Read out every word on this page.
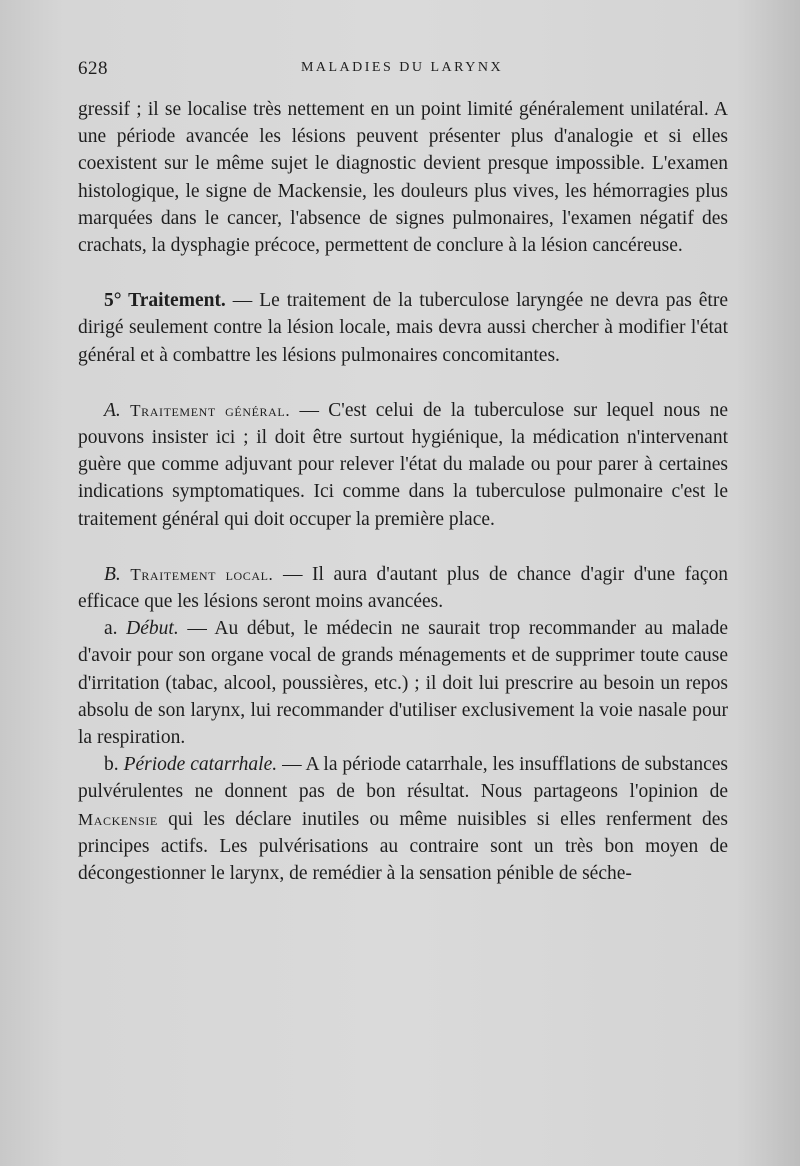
628	MALADIES DU LARYNX

gressif ; il se localise très nettement en un point limité généralement unilatéral. A une période avancée les lésions peuvent présenter plus d'analogie et si elles coexistent sur le même sujet le diagnostic devient presque impossible. L'examen histologique, le signe de Mackensie, les douleurs plus vives, les hémorragies plus marquées dans le cancer, l'absence de signes pulmonaires, l'examen négatif des crachats, la dysphagie précoce, permettent de conclure à la lésion cancéreuse.

5° Traitement. — Le traitement de la tuberculose laryngée ne devra pas être dirigé seulement contre la lésion locale, mais devra aussi chercher à modifier l'état général et à combattre les lésions pulmonaires concomitantes.

A. Traitement général. — C'est celui de la tuberculose sur lequel nous ne pouvons insister ici ; il doit être surtout hygiénique, la médication n'intervenant guère que comme adjuvant pour relever l'état du malade ou pour parer à certaines indications symptomatiques. Ici comme dans la tuberculose pulmonaire c'est le traitement général qui doit occuper la première place.

B. Traitement local. — Il aura d'autant plus de chance d'agir d'une façon efficace que les lésions seront moins avancées.

a. Début. — Au début, le médecin ne saurait trop recommander au malade d'avoir pour son organe vocal de grands ménagements et de supprimer toute cause d'irritation (tabac, alcool, poussières, etc.) ; il doit lui prescrire au besoin un repos absolu de son larynx, lui recommander d'utiliser exclusivement la voie nasale pour la respiration.

b. Période catarrhale. — A la période catarrhale, les insufflations de substances pulvérulentes ne donnent pas de bon résultat. Nous partageons l'opinion de Mackensie qui les déclare inutiles ou même nuisibles si elles renferment des principes actifs. Les pulvérisations au contraire sont un très bon moyen de décongestionner le larynx, de remédier à la sensation pénible de séche-
